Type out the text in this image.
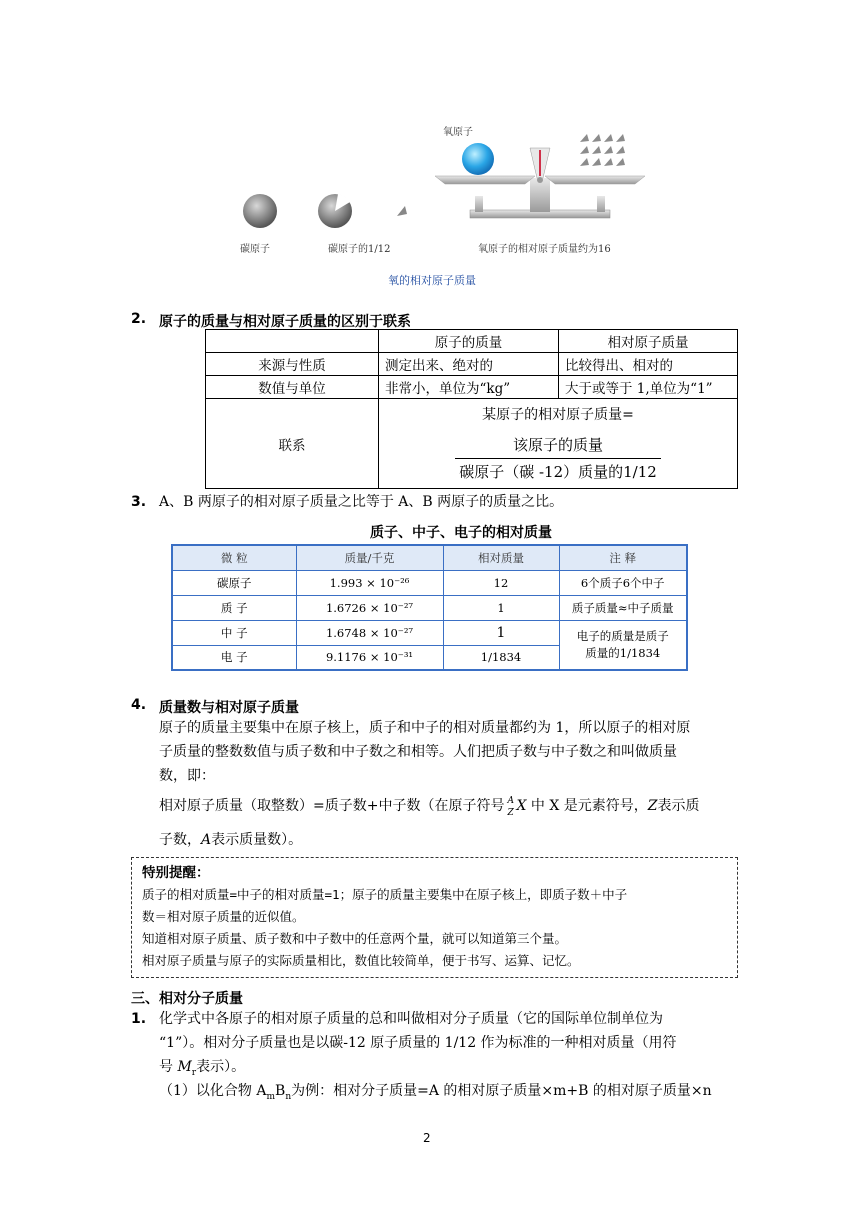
氧原子
碳原子	碳原子的1/12	氧原子的相对原子质量约为16
氧的相对原子质量
2. 原子的质量与相对原子质量的区别于联系
	原子的质量	相对原子质量
来源与性质	测定出来、绝对的	比较得出、相对的
数值与单位	非常小，单位为“kg”	大于或等于 1,单位为“1”
联系	某原子的相对原子质量=
该原子的质量
碳原子（碳 -12）质量的1/12	
3. A、B 两原子的相对原子质量之比等于 A、B 两原子的质量之比。
质子、中子、电子的相对质量
微 粒	质量/千克	相对质量	注 释
碳原子	1.993 × 10⁻²⁶	12	6个质子6个中子
质 子	1.6726 × 10⁻²⁷	1	质子质量≈中子质量
中 子	1.6748 × 10⁻²⁷	1	电子的质量是质子
质量的1/1834

电 子	9.1176 × 10⁻³¹	1/1834	
4. 质量数与相对原子质量
原子的质量主要集中在原子核上，质子和中子的相对质量都约为 1，所以原子的相对原
子质量的整数数值与质子数和中子数之和相等。人们把质子数与中子数之和叫做质量
数，即：
相对原子质量（取整数）=质子数+中子数（在原子符号 A
Z X 中 X 是元素符号，Z表示质
子数，A表示质量数）。
特别提醒：
质子的相对质量=中子的相对质量=1；原子的质量主要集中在原子核上，即质子数＋中子
数＝相对原子质量的近似值。
知道相对原子质量、质子数和中子数中的任意两个量，就可以知道第三个量。
相对原子质量与原子的实际质量相比，数值比较简单，便于书写、运算、记忆。
三、相对分子质量
1. 化学式中各原子的相对原子质量的总和叫做相对分子质量（它的国际单位制单位为
“1”）。相对分子质量也是以碳-12 原子质量的 1/12 作为标准的一种相对质量（用符
号 $M_r$表示）。
（1）以化合物 $A_mB_n$为例：相对分子质量=A 的相对原子质量×m+B 的相对原子质量×n
2
